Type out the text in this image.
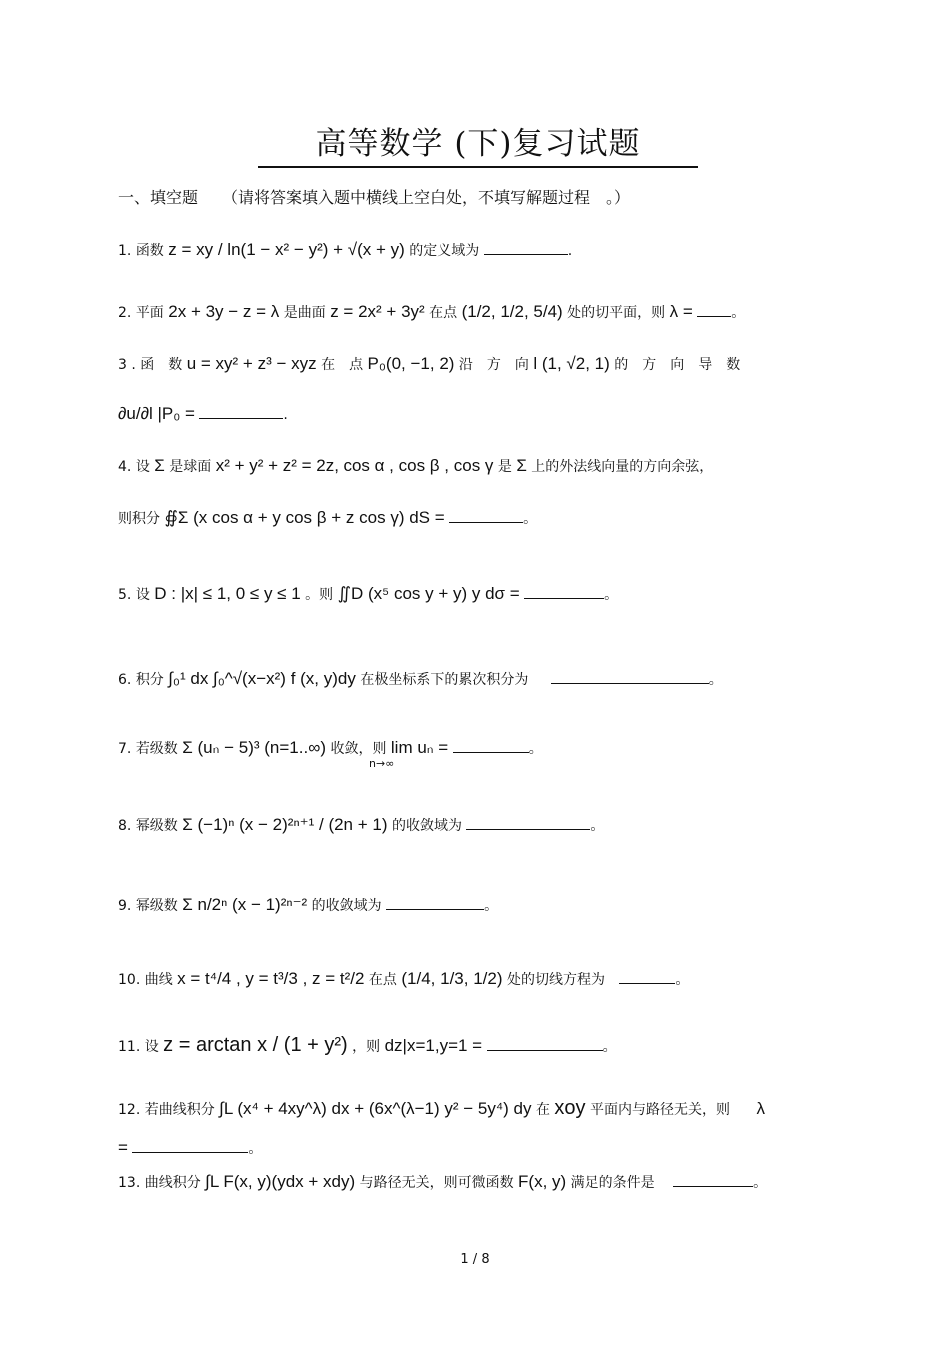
高等数学 (下)复习试题
一、填空题 （请将答案填入题中横线上空白处，不填写解题过程　。）
1. 函数 z = xy / ln(1 − x² − y²) + √(x + y) 的定义域为	.
2. 平面 2x + 3y − z = λ 是曲面 z = 2x² + 3y² 在点 (1/2, 1/2, 5/4) 处的切平面，则 λ =	。
3 . 函　数 u = xy² + z³ − xyz 在　点 P₀(0, −1, 2) 沿　方　向 l (1, √2, 1) 的　方　向　导　数
∂u/∂l |P₀ =	.
4. 设 Σ 是球面 x² + y² + z² = 2z, cos α , cos β , cos γ 是 Σ 上的外法线向量的方向余弦，
则积分 ∯Σ (x cos α + y cos β + z cos γ) dS =	。
5. 设 D : |x| ≤ 1, 0 ≤ y ≤ 1 。则 ∬D (x⁵ cos y + y) y dσ =	。
6. 积分 ∫₀¹ dx ∫₀^√(x−x²) f (x, y)dy 在极坐标系下的累次积分为	。
7. 若级数 Σ (uₙ − 5)³ (n=1..∞) 收敛，则 lim uₙ =	。
n→∞
8. 幂级数 Σ (−1)ⁿ (x − 2)²ⁿ⁺¹ / (2n + 1) 的收敛域为	。
9. 幂级数 Σ n/2ⁿ (x − 1)²ⁿ⁻² 的收敛域为	。
10. 曲线 x = t⁴/4 , y = t³/3 , z = t²/2 在点 (1/4, 1/3, 1/2) 处的切线方程为	。
11. 设 z = arctan x / (1 + y²) ，则 dz|x=1,y=1 =	。
12. 若曲线积分 ∫L (x⁴ + 4xy^λ) dx + (6x^(λ−1) y² − 5y⁴) dy 在 xoy 平面内与路径无关，则 λ
=	。
13. 曲线积分 ∫L F(x, y)(ydx + xdy) 与路径无关，则可微函数 F(x, y) 满足的条件是	。
1 / 8
